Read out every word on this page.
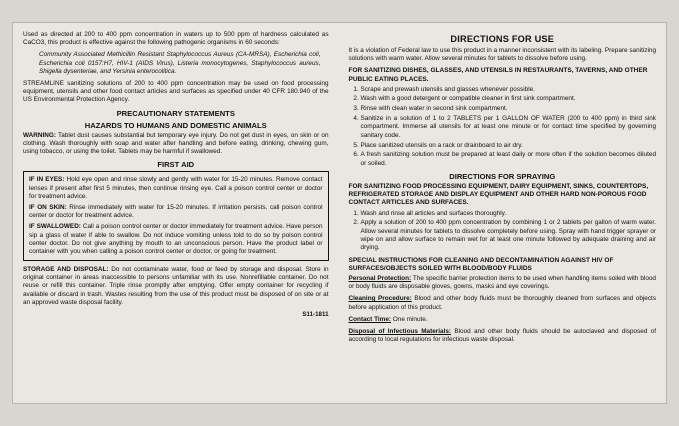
Used as directed at 200 to 400 ppm concentration in waters up to 500 ppm of hardness calculated as CaCO3, this product is effective against the following pathogenic organisms in 60 seconds:

Community Associated Methicillin Resistant Staphylococcus Aureus (CA-MRSA), Escherichia coli, Escherichia coli 0157:H7, HIV-1 (AIDS Virus), Listeria monocytogenes, Staphylococcus aureus, Shigella dysenteriae, and Yersinia enterocolitica.

STREAMLINE sanitizing solutions of 200 to 400 ppm concentration may be used on food processing equipment, utensils and other food contact articles and surfaces as specified under 40 CFR 180.940 of the US Environmental Protection Agency.

PRECAUTIONARY STATEMENTS
HAZARDS TO HUMANS AND DOMESTIC ANIMALS

WARNING: Tablet dust causes substantial but temporary eye injury. Do not get dust in eyes, on skin or on clothing. Wash thoroughly with soap and water after handling and before eating, drinking, chewing gum, using tobacco, or using the toilet. Tablets may be harmful if swallowed.

FIRST AID

IF IN EYES: Hold eye open and rinse slowly and gently with water for 15-20 minutes. Remove contact lenses if present after first 5 minutes, then continue rinsing eye. Call a poison control center or doctor for treatment advice.

IF ON SKIN: Rinse immediately with water for 15-20 minutes. If irritation persists, call poison control center or doctor for treatment advice.

IF SWALLOWED: Call a poison control center or doctor immediately for treatment advice. Have person sip a glass of water if able to swallow. Do not induce vomiting unless told to do so by poison control center doctor. Do not give anything by mouth to an unconscious person. Have the product label or container with you when calling a poison control center or doctor, or going for treatment.

STORAGE AND DISPOSAL: Do not contaminate water, food or feed by storage and disposal. Store in original container in areas inaccessible to persons unfamiliar with its use. Nonrefillable container. Do not reuse or refill this container. Triple rinse promptly after emptying. Offer empty container for recycling if available or discard in trash. Wastes resulting from the use of this product must be disposed of on site or at an approved waste disposal facility.

S11-1811
DIRECTIONS FOR USE

It is a violation of Federal law to use this product in a manner inconsistent with its labeling. Prepare sanitizing solutions with warm water. Allow several minutes for tablets to dissolve before using.

FOR SANITIZING DISHES, GLASSES, AND UTENSILS IN RESTAURANTS, TAVERNS, AND OTHER PUBLIC EATING PLACES.
1. Scrape and prewash utensils and glasses whenever possible.
2. Wash with a good detergent or compatible cleaner in first sink compartment.
3. Rinse with clean water in second sink compartment.
4. Sanitize in a solution of 1 to 2 TABLETS per 1 GALLON OF WATER (200 to 400 ppm) in third sink compartment. Immerse all utensils for at least one minute or for contact time specified by governing sanitary code.
5. Place sanitized utensils on a rack or drainboard to air dry.
6. A fresh sanitizing solution must be prepared at least daily or more often if the solution becomes diluted or soiled.
DIRECTIONS FOR SPRAYING
FOR SANITIZING FOOD PROCESSING EQUIPMENT, DAIRY EQUIPMENT, SINKS, COUNTERTOPS, REFRIGERATED STORAGE AND DISPLAY EQUIPMENT AND OTHER HARD NON-POROUS FOOD CONTACT ARTICLES AND SURFACES.
1. Wash and rinse all articles and surfaces thoroughly.
2. Apply a solution of 200 to 400 ppm concentration by combining 1 or 2 tablets per gallon of warm water. Allow several minutes for tablets to dissolve completely before using. Spray with hand trigger sprayer or wipe on and allow surface to remain wet for at least one minute followed by adequate draining and air drying.
SPECIAL INSTRUCTIONS FOR CLEANING AND DECONTAMINATION AGAINST HIV OF SURFACES/OBJECTS SOILED WITH BLOOD/BODY FLUIDS

Personal Protection: The specific barrier protection items to be used when handling items soiled with blood or body fluids are disposable gloves, gowns, masks and eye coverings.

Cleaning Procedure: Blood and other body fluids must be thoroughly cleaned from surfaces and objects before application of this product.

Contact Time: One minute.

Disposal of Infectious Materials: Blood and other body fluids should be autoclaved and disposed of according to local regulations for infectious waste disposal.
